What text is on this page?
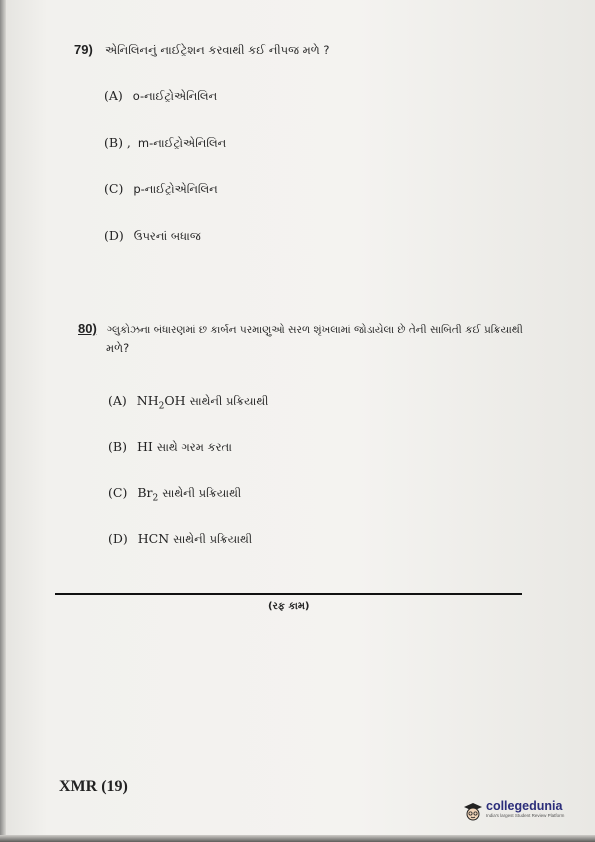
79) એનિલિનનું નાઈટ્રેશન કરવાથી કઈ નીપજ મળે ?
(A) o-નાઈટ્રોએનિલિન
(B) , m-નાઈટ્રોએનિલિન
(C) p-નાઈટ્રોએનિલિન
(D) ઉપરનાં બધાજ
80) ગ્લુકોઝના બંધારણમાં છ કાર્બન પરમાણુઓ સરળ શૃંખલામાં જોડાયેલા છે તેની સાબિતી કઈ પ્રક્રિયાથી
મળે?
(A) $NH_2OH$ સાથેની પ્રક્રિયાથી
(B) HI સાથે ગરમ કરતા
(C) $Br_2$ સાથેની પ્રક્રિયાથી
(D) HCN સાથેની પ્રક્રિયાથી
(રફ કામ)
XMR (19)
collegedunia
India's largest Student Review Platform
